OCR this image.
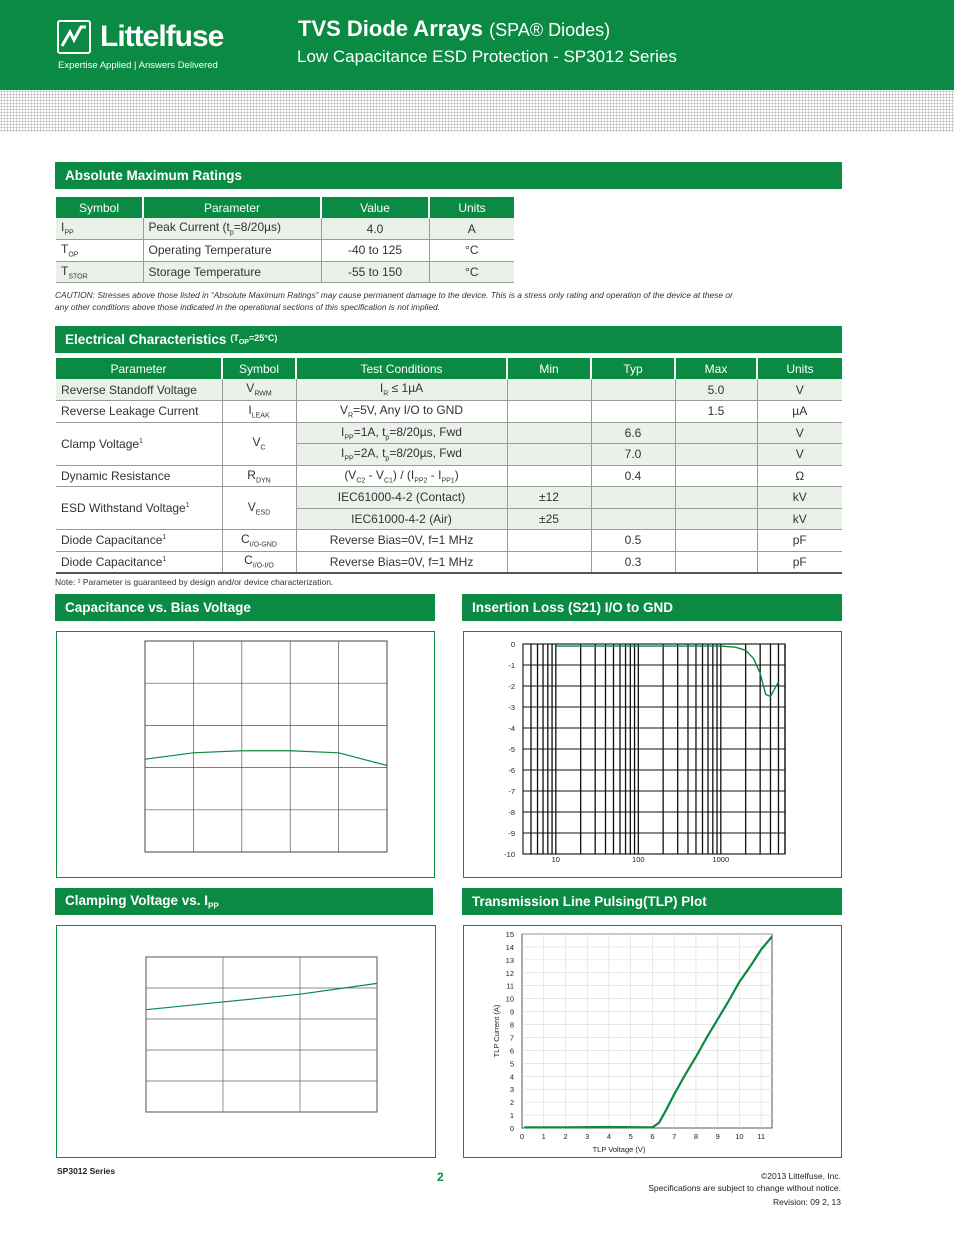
Littelfuse
Expertise Applied | Answers Delivered
TVS Diode Arrays (SPA® Diodes)
Low Capacitance ESD Protection - SP3012 Series
Absolute Maximum Ratings
Symbol	Parameter	Value	Units
$I_{PP}$	Peak Current $(t_p=8/20\mu s)$	4.0	A
$T_{OP}$	Operating Temperature	-40 to 125	°C
$T_{STOR}$	Storage Temperature	-55 to 150	°C
CAUTION: Stresses above those listed in “Absolute Maximum Ratings” may cause permanent damage to the device. This is a stress only rating and operation of the device at these or any other conditions above those indicated in the operational sections of this specification is not implied.
Electrical Characteristics $(T_{OP}=25^\circ C)$
Parameter	Symbol	Test Conditions	Min	Typ	Max	Units
Reverse Standoff Voltage	$V_{RWM}$	$I_R \le 1\mu A$			5.0	V
Reverse Leakage Current	$I_{LEAK}$	$V_R=5V$, Any I/O to GND			1.5	µA
Clamp Voltage$^1$	$V_C$	$I_{PP}=1A$, $t_p=8/20\mu s$, Fwd		6.6		V
		$I_{PP}=2A$, $t_p=8/20\mu s$, Fwd		7.0		V
Dynamic Resistance	$R_{DYN}$	$(V_{C2} - V_{C1}) / (I_{PP2} - I_{PP1})$		0.4		Ω
ESD Withstand Voltage$^1$	$V_{ESD}$	IEC61000-4-2 (Contact)	±12			kV
		IEC61000-4-2 (Air)	±25			kV
Diode Capacitance$^1$	$C_{I/O-GND}$	Reverse Bias=0V, f=1 MHz		0.5		pF
Diode Capacitance$^1$	$C_{I/O-I/O}$	Reverse Bias=0V, f=1 MHz		0.3		pF
Note: ¹ Parameter is guaranteed by design and/or device characterization.
Capacitance vs. Bias Voltage	Insertion Loss (S21) I/O to GND
Clamping Voltage vs. $I_{PP}$	Transmission Line Pulsing(TLP) Plot
0
-1
-2
-3
-4
-5
-6
-7
-8
-9
-10
10	100	1000
0
1
2
3
4
5
6
7
8
9
10
11
12
13
14
15
0 1 2 3 4 5 6 7 8 9 10 11
TLP Voltage (V)
TLP Current (A)
SP3012 Series	2	©2013 Littelfuse, Inc.
Specifications are subject to change without notice.
Revision: 09 2, 13
